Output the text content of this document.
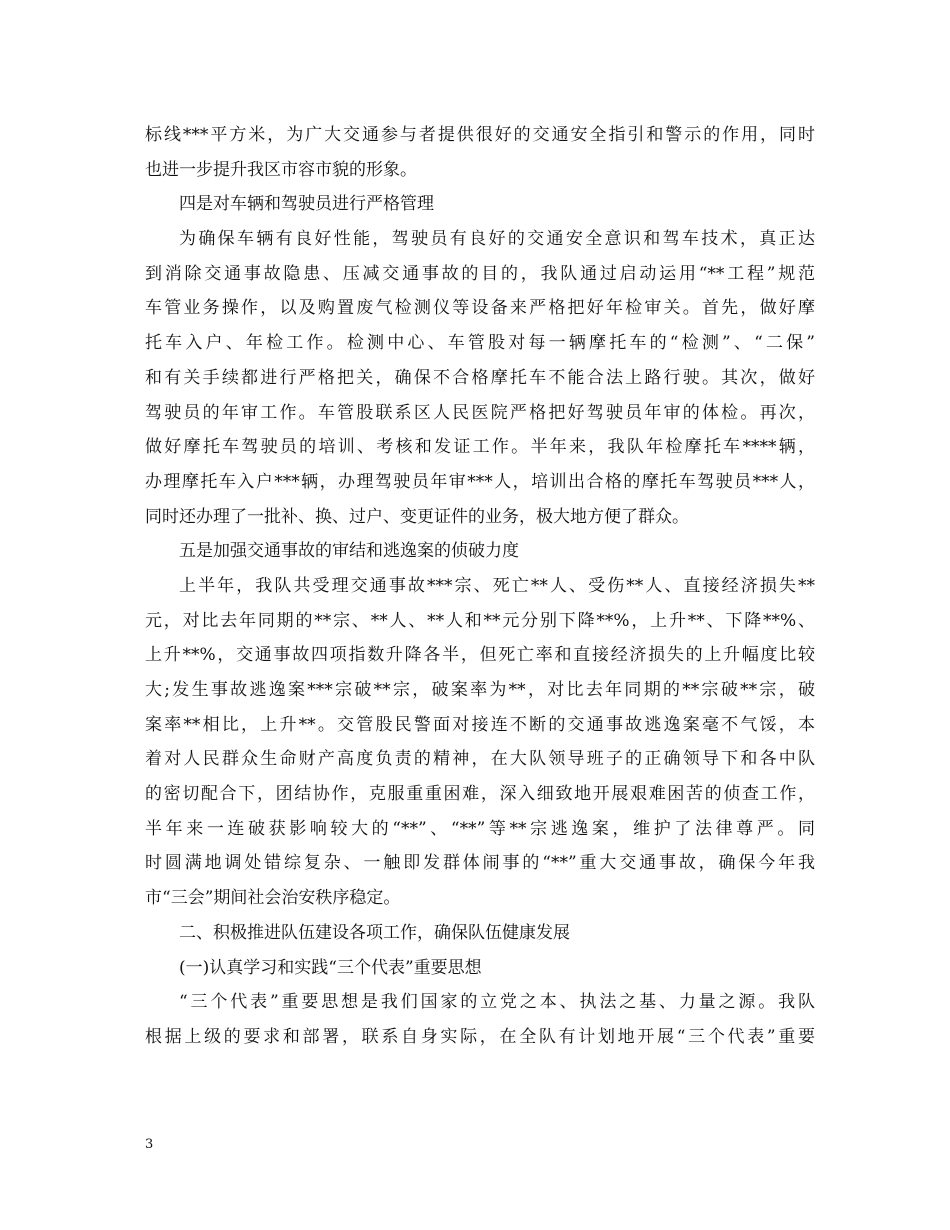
标线***平方米，为广大交通参与者提供很好的交通安全指引和警示的作用，同时
也进一步提升我区市容市貌的形象。
四是对车辆和驾驶员进行严格管理
为确保车辆有良好性能，驾驶员有良好的交通安全意识和驾车技术，真正达
到消除交通事故隐患、压减交通事故的目的，我队通过启动运用“**工程”规范
车管业务操作，以及购置废气检测仪等设备来严格把好年检审关。首先，做好摩
托车入户、年检工作。检测中心、车管股对每一辆摩托车的“检测”、“二保”
和有关手续都进行严格把关，确保不合格摩托车不能合法上路行驶。其次，做好
驾驶员的年审工作。车管股联系区人民医院严格把好驾驶员年审的体检。再次，
做好摩托车驾驶员的培训、考核和发证工作。半年来，我队年检摩托车****辆，
办理摩托车入户***辆，办理驾驶员年审***人，培训出合格的摩托车驾驶员***人，
同时还办理了一批补、换、过户、变更证件的业务，极大地方便了群众。
五是加强交通事故的审结和逃逸案的侦破力度
上半年，我队共受理交通事故***宗、死亡**人、受伤**人、直接经济损失**
元，对比去年同期的**宗、**人、**人和**元分别下降**%，上升**、下降**%、
上升**%，交通事故四项指数升降各半，但死亡率和直接经济损失的上升幅度比较
大;发生事故逃逸案***宗破**宗，破案率为**，对比去年同期的**宗破**宗，破
案率**相比，上升**。交管股民警面对接连不断的交通事故逃逸案毫不气馁，本
着对人民群众生命财产高度负责的精神，在大队领导班子的正确领导下和各中队
的密切配合下，团结协作，克服重重困难，深入细致地开展艰难困苦的侦查工作，
半年来一连破获影响较大的“**”、“**”等**宗逃逸案，维护了法律尊严。同
时圆满地调处错综复杂、一触即发群体闹事的“**”重大交通事故，确保今年我
市“三会”期间社会治安秩序稳定。
二、积极推进队伍建设各项工作，确保队伍健康发展
(一)认真学习和实践“三个代表”重要思想
“三个代表”重要思想是我们国家的立党之本、执法之基、力量之源。我队
根据上级的要求和部署，联系自身实际，在全队有计划地开展“三个代表”重要
3
